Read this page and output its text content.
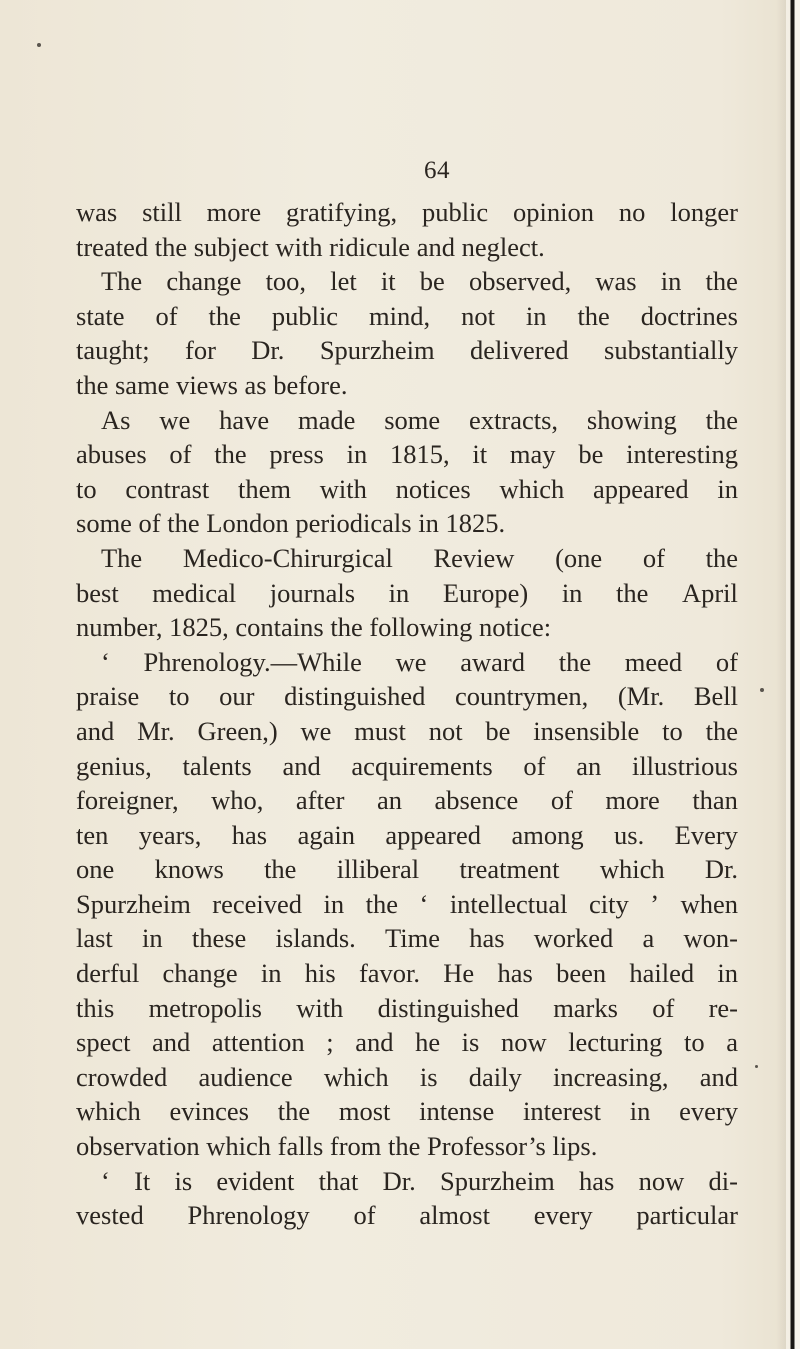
64
was still more gratifying, public opinion no longer
treated the subject with ridicule and neglect.
The change too, let it be observed, was in the
state of the public mind, not in the doctrines
taught; for Dr. Spurzheim delivered substantially
the same views as before.
As we have made some extracts, showing the
abuses of the press in 1815, it may be interesting
to contrast them with notices which appeared in
some of the London periodicals in 1825.
The Medico-Chirurgical Review (one of the
best medical journals in Europe) in the April
number, 1825, contains the following notice:
‘ Phrenology.—While we award the meed of
praise to our distinguished countrymen, (Mr. Bell
and Mr. Green,) we must not be insensible to the
genius, talents and acquirements of an illustrious
foreigner, who, after an absence of more than
ten years, has again appeared among us. Every
one knows the illiberal treatment which Dr.
Spurzheim received in the ‘ intellectual city ’ when
last in these islands. Time has worked a won-
derful change in his favor. He has been hailed in
this metropolis with distinguished marks of re-
spect and attention ; and he is now lecturing to a
crowded audience which is daily increasing, and
which evinces the most intense interest in every
observation which falls from the Professor’s lips.
‘ It is evident that Dr. Spurzheim has now di-
vested Phrenology of almost every particular
